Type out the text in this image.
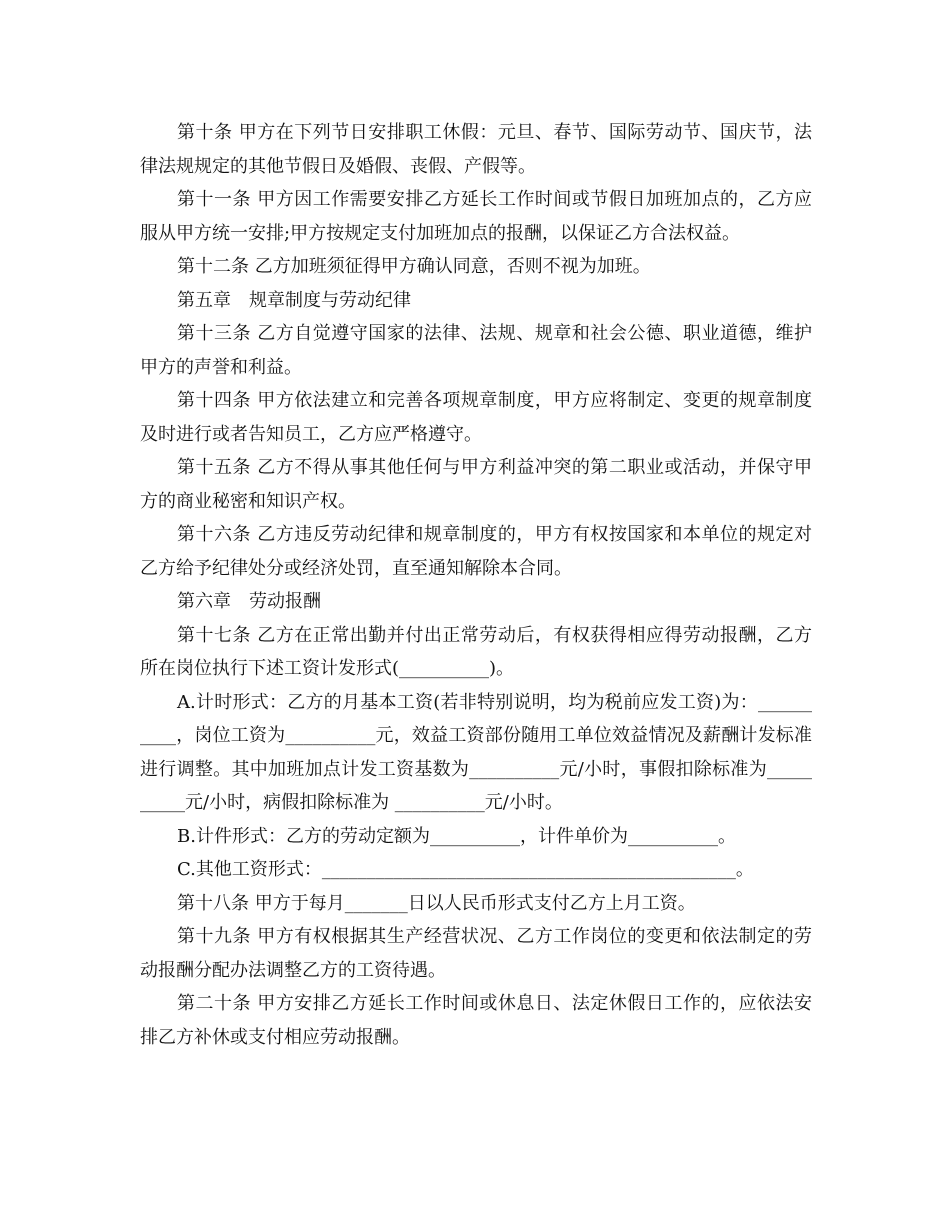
第十条 甲方在下列节日安排职工休假：元旦、春节、国际劳动节、国庆节，法律法规规定的其他节假日及婚假、丧假、产假等。

第十一条 甲方因工作需要安排乙方延长工作时间或节假日加班加点的，乙方应服从甲方统一安排;甲方按规定支付加班加点的报酬，以保证乙方合法权益。

第十二条 乙方加班须征得甲方确认同意，否则不视为加班。

第五章　规章制度与劳动纪律

第十三条 乙方自觉遵守国家的法律、法规、规章和社会公德、职业道德，维护甲方的声誉和利益。

第十四条 甲方依法建立和完善各项规章制度，甲方应将制定、变更的规章制度及时进行或者告知员工，乙方应严格遵守。

第十五条 乙方不得从事其他任何与甲方利益冲突的第二职业或活动，并保守甲方的商业秘密和知识产权。

第十六条 乙方违反劳动纪律和规章制度的，甲方有权按国家和本单位的规定对乙方给予纪律处分或经济处罚，直至通知解除本合同。

第六章　劳动报酬

第十七条 乙方在正常出勤并付出正常劳动后，有权获得相应得劳动报酬，乙方所在岗位执行下述工资计发形式(__________)。

A.计时形式：乙方的月基本工资(若非特别说明，均为税前应发工资)为：__________，岗位工资为__________元，效益工资部份随用工单位效益情况及薪酬计发标准进行调整。其中加班加点计发工资基数为__________元/小时，事假扣除标准为__________元/小时，病假扣除标准为 __________元/小时。

B.计件形式：乙方的劳动定额为__________，计件单价为__________。

C.其他工资形式：______________________________________________。

第十八条 甲方于每月_______日以人民币形式支付乙方上月工资。

第十九条 甲方有权根据其生产经营状况、乙方工作岗位的变更和依法制定的劳动报酬分配办法调整乙方的工资待遇。

第二十条 甲方安排乙方延长工作时间或休息日、法定休假日工作的，应依法安排乙方补休或支付相应劳动报酬。
